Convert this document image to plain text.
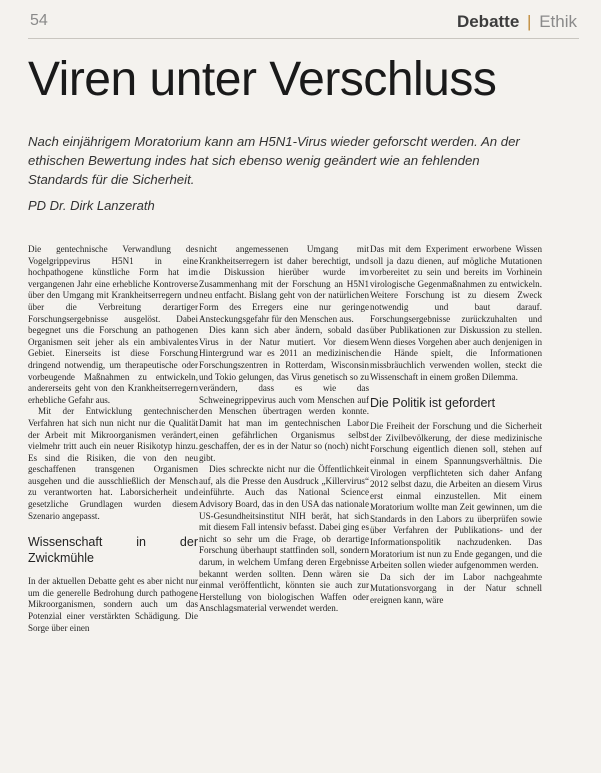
54	Debatte | Ethik
Viren unter Verschluss

Nach einjährigem Moratorium kann am H5N1-Virus wieder geforscht werden. An der ethischen Bewertung indes hat sich ebenso wenig geändert wie an fehlenden Standards für die Sicherheit.

PD Dr. Dirk Lanzerath

Die gentechnische Verwandlung des Vogelgrippevirus H5N1 in eine hochpathogene künstliche Form hat im vergangenen Jahr eine erhebliche Kontroverse über den Umgang mit Krankheitserregern und über die Verbreitung derartiger Forschungsergebnisse ausgelöst. Dabei begegnet uns die Forschung an pathogenen Organismen seit jeher als ein ambivalentes Gebiet. Einerseits ist diese Forschung dringend notwendig, um therapeutische oder vorbeugende Maßnahmen zu entwickeln, andererseits geht von den Krankheitserregern erhebliche Gefahr aus.

Mit der Entwicklung gentechnischer Verfahren hat sich nun nicht nur die Qualität der Arbeit mit Mikroorganismen verändert, vielmehr tritt auch ein neuer Risikotyp hinzu. Es sind die Risiken, die von den neu geschaffenen transgenen Organismen ausgehen und die ausschließlich der Mensch zu verantworten hat. Laborsicherheit und gesetzliche Grundlagen wurden diesem Szenario angepasst.

Wissenschaft in der Zwickmühle

In der aktuellen Debatte geht es aber nicht nur um die generelle Bedrohung durch pathogene Mikroorganismen, sondern auch um das Potenzial einer verstärkten Schädigung. Die Sorge über einen

nicht angemessenen Umgang mit Krankheitserregern ist daher berechtigt, und die Diskussion hierüber wurde im Zusammenhang mit der Forschung an H5N1 neu entfacht. Bislang geht von der natürlichen Form des Erregers eine nur geringe Ansteckungsgefahr für den Menschen aus.

Dies kann sich aber ändern, sobald das Virus in der Natur mutiert. Vor diesem Hintergrund war es 2011 an medizinischen Forschungszentren in Rotterdam, Wisconsin und Tokio gelungen, das Virus genetisch so zu verändern, dass es wie das Schweinegrippevirus auch vom Menschen auf den Menschen übertragen werden konnte. Damit hat man im gentechnischen Labor einen gefährlichen Organismus selbst geschaffen, der es in der Natur so (noch) nicht gibt.

Dies schreckte nicht nur die Öffentlichkeit auf, als die Presse den Ausdruck „Killervirus“ einführte. Auch das National Science Advisory Board, das in den USA das nationale US-Gesundheitsinstitut NIH berät, hat sich mit diesem Fall intensiv befasst. Dabei ging es nicht so sehr um die Frage, ob derartige Forschung überhaupt stattfinden soll, sondern darum, in welchem Umfang deren Ergebnisse bekannt werden sollten. Denn wären sie einmal veröffentlicht, könnten sie auch zur Herstellung von biologischen Waffen oder Anschlagsmaterial verwendet werden.

Das mit dem Experiment erworbene Wissen soll ja dazu dienen, auf mögliche Mutationen vorbereitet zu sein und bereits im Vorhinein virologische Gegenmaßnahmen zu entwickeln. Weitere Forschung ist zu diesem Zweck notwendig und baut darauf. Forschungsergebnisse zurückzuhalten und über Publikationen zur Diskussion zu stellen. Wenn dieses Vorgehen aber auch denjenigen in die Hände spielt, die Informationen missbräuchlich verwenden wollen, steckt die Wissenschaft in einem großen Dilemma.

Die Politik ist gefordert

Die Freiheit der Forschung und die Sicherheit der Zivilbevölkerung, der diese medizinische Forschung eigentlich dienen soll, stehen auf einmal in einem Spannungsverhältnis. Die Virologen verpflichteten sich daher Anfang 2012 selbst dazu, die Arbeiten an diesem Virus erst einmal einzustellen. Mit einem Moratorium wollte man Zeit gewinnen, um die Standards in den Labors zu überprüfen sowie über Verfahren der Publikations- und der Informationspolitik nachzudenken. Das Moratorium ist nun zu Ende gegangen, und die Arbeiten sollen wieder aufgenommen werden.

Da sich der im Labor nachgeahmte Mutationsvorgang in der Natur schnell ereignen kann, wäre
